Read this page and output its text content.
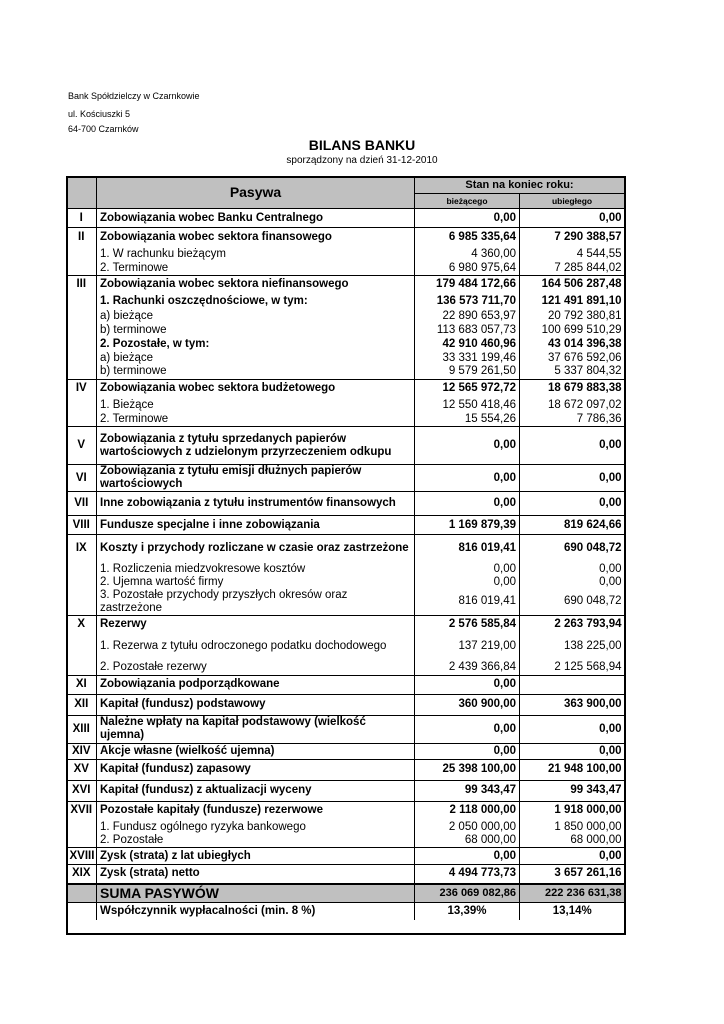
Bank Spółdzielczy w Czarnkowie
ul. Kościuszki 5
64-700 Czarnków
BILANS BANKU
sporządzony na dzień 31-12-2010
	Pasywa	Stan na koniec roku:	
		bieżącego	ubiegłego
I	Zobowiązania wobec Banku Centralnego	0,00	0,00
II	Zobowiązania wobec sektora finansowego	6 985 335,64	7 290 388,57

	1. W rachunku bieżącym	4 360,00	4 544,55

	2. Terminowe	6 980 975,64	7 285 844,02
III	Zobowiązania wobec sektora niefinansowego	179 484 172,66	164 506 287,48

	1. Rachunki oszczędnościowe, w tym:	136 573 711,70	121 491 891,10

	a) bieżące	22 890 653,97	20 792 380,81

	b) terminowe	113 683 057,73	100 699 510,29

	2. Pozostałe, w tym:	42 910 460,96	43 014 396,38

	a) bieżące	33 331 199,46	37 676 592,06

	b) terminowe	9 579 261,50	5 337 804,32
IV	Zobowiązania wobec sektora budżetowego	12 565 972,72	18 679 883,38

	1. Bieżące	12 550 418,46	18 672 097,02

	2. Terminowe	15 554,26	7 786,36
V	Zobowiązania z tytułu sprzedanych papierów wartościowych z udzielonym przyrzeczeniem odkupu	0,00	0,00
VI	Zobowiązania z tytułu emisji dłużnych papierów wartościowych	0,00	0,00
VII	Inne zobowiązania z tytułu instrumentów finansowych	0,00	0,00
VIII	Fundusze specjalne i inne zobowiązania	1 169 879,39	819 624,66
IX	Koszty i przychody rozliczane w czasie oraz zastrzeżone	816 019,41	690 048,72

	1. Rozliczenia miedzvokresowe kosztów	0,00	0,00

	2. Ujemna wartość firmy	0,00	0,00

	3. Pozostałe przychody przyszłych okresów oraz zastrzeżone	816 019,41	690 048,72
X	Rezerwy	2 576 585,84	2 263 793,94

	1. Rezerwa z tytułu odroczonego podatku dochodowego	137 219,00	138 225,00

	2. Pozostałe rezerwy	2 439 366,84	2 125 568,94
XI	Zobowiązania podporządkowane	0,00	
XII	Kapitał (fundusz) podstawowy	360 900,00	363 900,00
XIII	Należne wpłaty na kapitał podstawowy (wielkość ujemna)	0,00	0,00
XIV	Akcje własne (wielkość ujemna)	0,00	0,00
XV	Kapitał (fundusz) zapasowy	25 398 100,00	21 948 100,00
XVI	Kapitał (fundusz) z aktualizacji wyceny	99 343,47	99 343,47
XVII	Pozostałe kapitały (fundusze) rezerwowe	2 118 000,00	1 918 000,00

	1. Fundusz ogólnego ryzyka bankowego	2 050 000,00	1 850 000,00

	2. Pozostałe	68 000,00	68 000,00
XVIII	Zysk (strata) z lat ubiegłych	0,00	0,00
XIX	Zysk (strata) netto	4 494 773,73	3 657 261,16
	SUMA PASYWÓW	236 069 082,86	222 236 631,38
	Współczynnik wypłacalności (min. 8 %)	13,39%	13,14%
